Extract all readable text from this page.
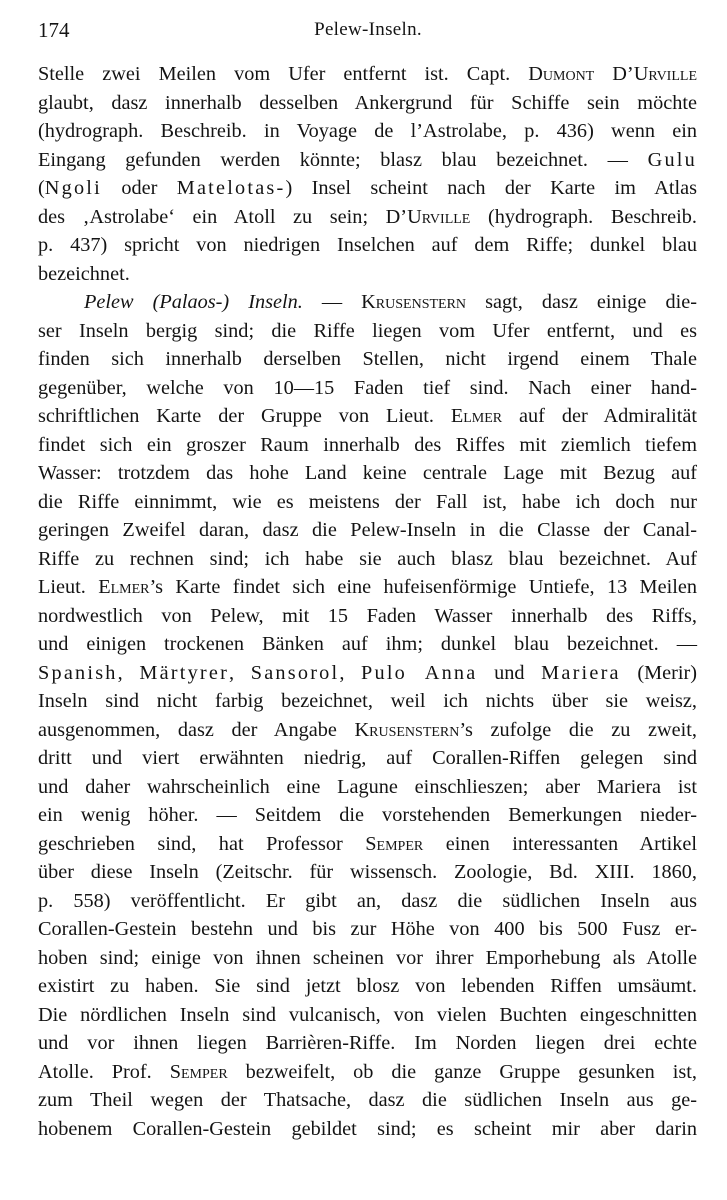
174	Pelew-Inseln.
Stelle zwei Meilen vom Ufer entfernt ist. Capt. Dumont D’Urville
glaubt, dasz innerhalb desselben Ankergrund für Schiffe sein möchte
(hydrograph. Beschreib. in Voyage de l’Astrolabe, p. 436) wenn ein
Eingang gefunden werden könnte; blasz blau bezeichnet. — Gulu
(Ngoli oder Matelotas-) Insel scheint nach der Karte im Atlas
des ‚Astrolabe‘ ein Atoll zu sein; D’Urville (hydrograph. Beschreib.
p. 437) spricht von niedrigen Inselchen auf dem Riffe; dunkel blau
bezeichnet.
Pelew (Palaos-) Inseln. — Krusenstern sagt, dasz einige die-
ser Inseln bergig sind; die Riffe liegen vom Ufer entfernt, und es
finden sich innerhalb derselben Stellen, nicht irgend einem Thale
gegenüber, welche von 10—15 Faden tief sind. Nach einer hand-
schriftlichen Karte der Gruppe von Lieut. Elmer auf der Admiralität
findet sich ein groszer Raum innerhalb des Riffes mit ziemlich tiefem
Wasser: trotzdem das hohe Land keine centrale Lage mit Bezug auf
die Riffe einnimmt, wie es meistens der Fall ist, habe ich doch nur
geringen Zweifel daran, dasz die Pelew-Inseln in die Classe der Canal-
Riffe zu rechnen sind; ich habe sie auch blasz blau bezeichnet. Auf
Lieut. Elmer’s Karte findet sich eine hufeisenförmige Untiefe, 13 Meilen
nordwestlich von Pelew, mit 15 Faden Wasser innerhalb des Riffs,
und einigen trockenen Bänken auf ihm; dunkel blau bezeichnet. —
Spanish, Märtyrer, Sansorol, Pulo Anna und Mariera (Merir)
Inseln sind nicht farbig bezeichnet, weil ich nichts über sie weisz,
ausgenommen, dasz der Angabe Krusenstern’s zufolge die zu zweit,
dritt und viert erwähnten niedrig, auf Corallen-Riffen gelegen sind
und daher wahrscheinlich eine Lagune einschlieszen; aber Mariera ist
ein wenig höher. — Seitdem die vorstehenden Bemerkungen nieder-
geschrieben sind, hat Professor Semper einen interessanten Artikel
über diese Inseln (Zeitschr. für wissensch. Zoologie, Bd. XIII. 1860,
p. 558) veröffentlicht. Er gibt an, dasz die südlichen Inseln aus
Corallen-Gestein bestehn und bis zur Höhe von 400 bis 500 Fusz er-
hoben sind; einige von ihnen scheinen vor ihrer Emporhebung als Atolle
existirt zu haben. Sie sind jetzt blosz von lebenden Riffen umsäumt.
Die nördlichen Inseln sind vulcanisch, von vielen Buchten eingeschnitten
und vor ihnen liegen Barrièren-Riffe. Im Norden liegen drei echte
Atolle. Prof. Semper bezweifelt, ob die ganze Gruppe gesunken ist,
zum Theil wegen der Thatsache, dasz die südlichen Inseln aus ge-
hobenem Corallen-Gestein gebildet sind; es scheint mir aber darin
